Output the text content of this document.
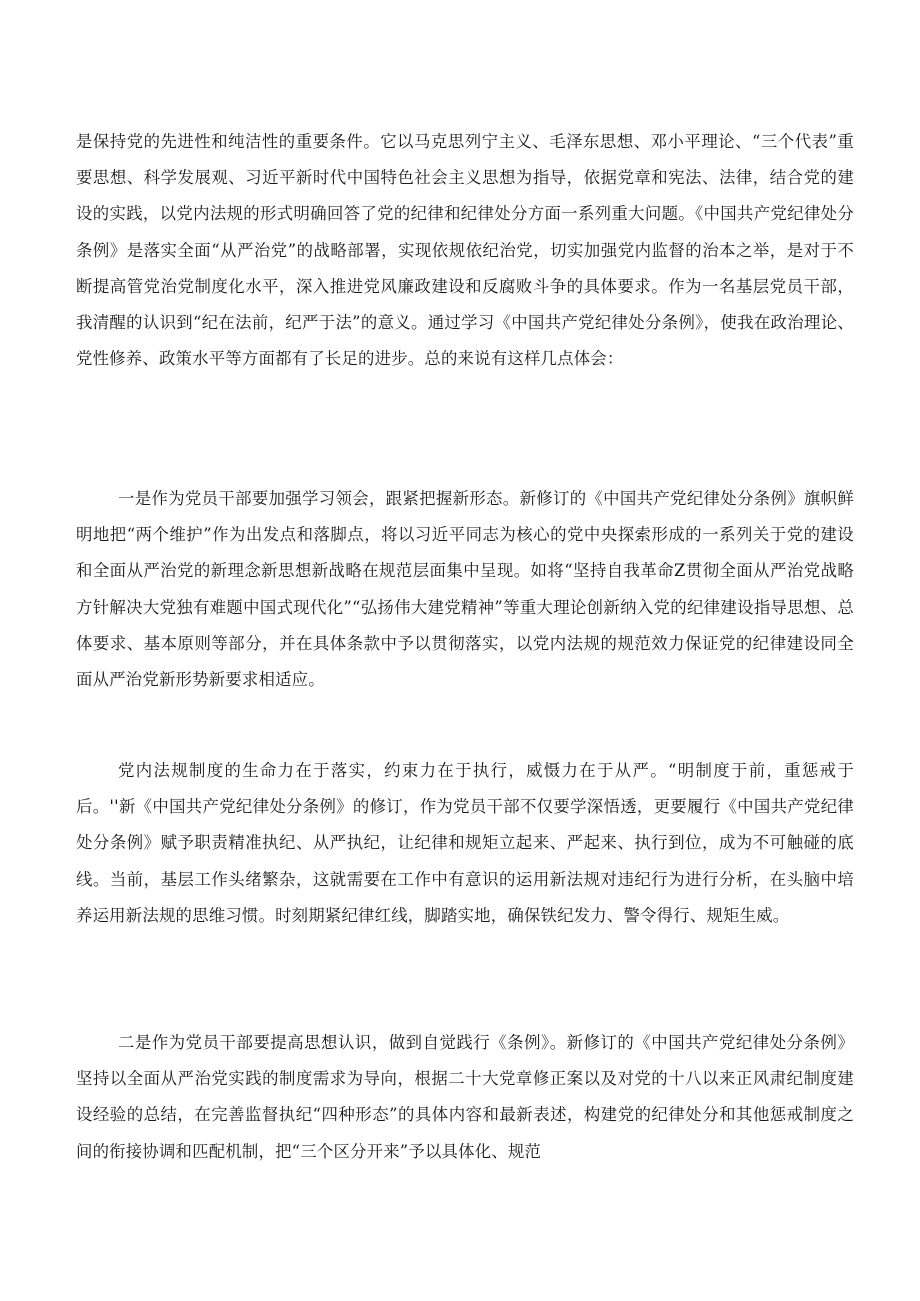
是保持党的先进性和纯洁性的重要条件。它以马克思列宁主义、毛泽东思想、邓小平理论、“三个代表”重要思想、科学发展观、习近平新时代中国特色社会主义思想为指导，依据党章和宪法、法律，结合党的建设的实践，以党内法规的形式明确回答了党的纪律和纪律处分方面一系列重大问题。《中国共产党纪律处分条例》是落实全面“从严治党”的战略部署，实现依规依纪治党，切实加强党内监督的治本之举，是对于不断提高管党治党制度化水平，深入推进党风廉政建设和反腐败斗争的具体要求。作为一名基层党员干部，我清醒的认识到“纪在法前，纪严于法”的意义。通过学习《中国共产党纪律处分条例》，使我在政治理论、党性修养、政策水平等方面都有了长足的进步。总的来说有这样几点体会：

一是作为党员干部要加强学习领会，跟紧把握新形态。新修订的《中国共产党纪律处分条例》旗帜鲜明地把“两个维护”作为出发点和落脚点，将以习近平同志为核心的党中央探索形成的一系列关于党的建设和全面从严治党的新理念新思想新战略在规范层面集中呈现。如将“坚持自我革命Z贯彻全面从严治党战略方针解决大党独有难题中国式现代化”“弘扬伟大建党精神”等重大理论创新纳入党的纪律建设指导思想、总体要求、基本原则等部分，并在具体条款中予以贯彻落实，以党内法规的规范效力保证党的纪律建设同全面从严治党新形势新要求相适应。

党内法规制度的生命力在于落实，约束力在于执行，威慑力在于从严。“明制度于前，重惩戒于后。''新《中国共产党纪律处分条例》的修订，作为党员干部不仅要学深悟透，更要履行《中国共产党纪律处分条例》赋予职责精准执纪、从严执纪，让纪律和规矩立起来、严起来、执行到位，成为不可触碰的底线。当前，基层工作头绪繁杂，这就需要在工作中有意识的运用新法规对违纪行为进行分析，在头脑中培养运用新法规的思维习惯。时刻期紧纪律红线，脚踏实地，确保铁纪发力、警令得行、规矩生威。

二是作为党员干部要提高思想认识，做到自觉践行《条例》。新修订的《中国共产党纪律处分条例》坚持以全面从严治党实践的制度需求为导向，根据二十大党章修正案以及对党的十八以来正风肃纪制度建设经验的总结，在完善监督执纪“四种形态”的具体内容和最新表述，构建党的纪律处分和其他惩戒制度之间的衔接协调和匹配机制，把“三个区分开来”予以具体化、规范
